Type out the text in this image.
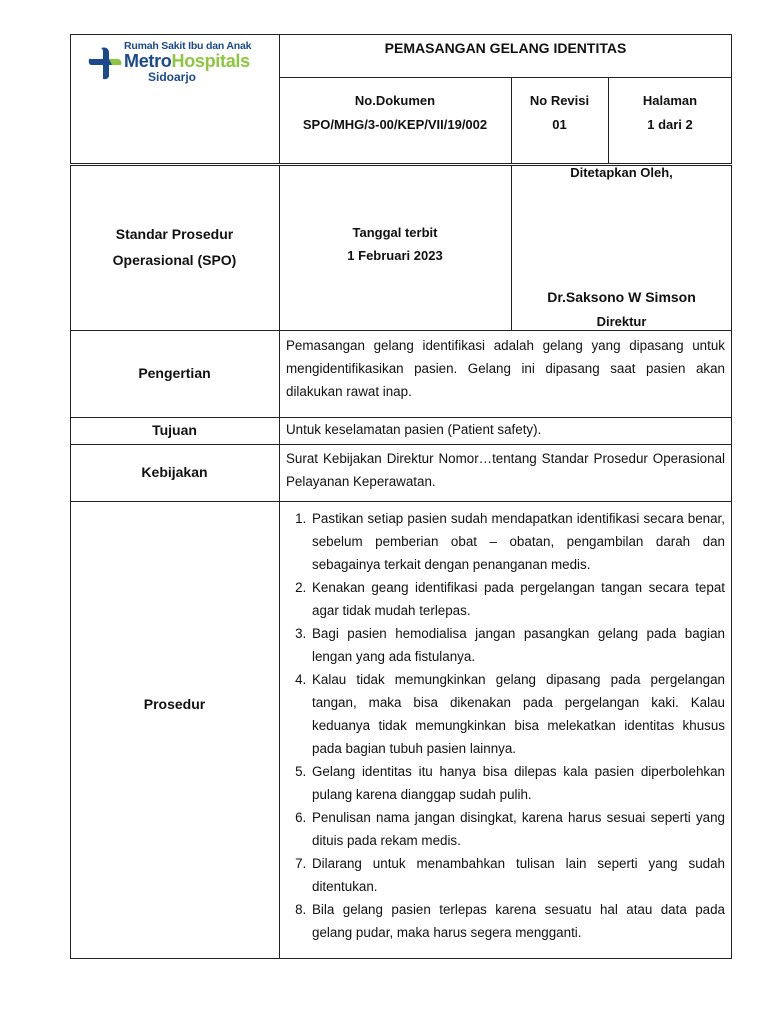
Rumah Sakit Ibu dan Anak
MetroHospitals
Sidoarjo
PEMASANGAN GELANG IDENTITAS
No.Dokumen
SPO/MHG/3-00/KEP/VII/19/002
No Revisi
01
Halaman
1 dari 2
Standar Prosedur
Operasional (SPO)
Tanggal terbit
1 Februari 2023
Ditetapkan Oleh,
Dr.Saksono W Simson
Direktur
Pengertian
Pemasangan gelang identifikasi adalah gelang yang dipasang untuk mengidentifikasikan pasien. Gelang ini dipasang saat pasien akan dilakukan rawat inap.
Tujuan	Untuk keselamatan pasien (Patient safety).
Kebijakan
Surat Kebijakan Direktur Nomor…tentang Standar Prosedur Operasional Pelayanan Keperawatan.
Prosedur
1. Pastikan setiap pasien sudah mendapatkan identifikasi secara benar, sebelum pemberian obat – obatan, pengambilan darah dan sebagainya terkait dengan penanganan medis.
2. Kenakan geang identifikasi pada pergelangan tangan secara tepat agar tidak mudah terlepas.
3. Bagi pasien hemodialisa jangan pasangkan gelang pada bagian lengan yang ada fistulanya.
4. Kalau tidak memungkinkan gelang dipasang pada pergelangan tangan, maka bisa dikenakan pada pergelangan kaki. Kalau keduanya tidak memungkinkan bisa melekatkan identitas khusus pada bagian tubuh pasien lainnya.
5. Gelang identitas itu hanya bisa dilepas kala pasien diperbolehkan pulang karena dianggap sudah pulih.
6. Penulisan nama jangan disingkat, karena harus sesuai seperti yang dituis pada rekam medis.
7. Dilarang untuk menambahkan tulisan lain seperti yang sudah ditentukan.
8. Bila gelang pasien terlepas karena sesuatu hal atau data pada gelang pudar, maka harus segera mengganti.
